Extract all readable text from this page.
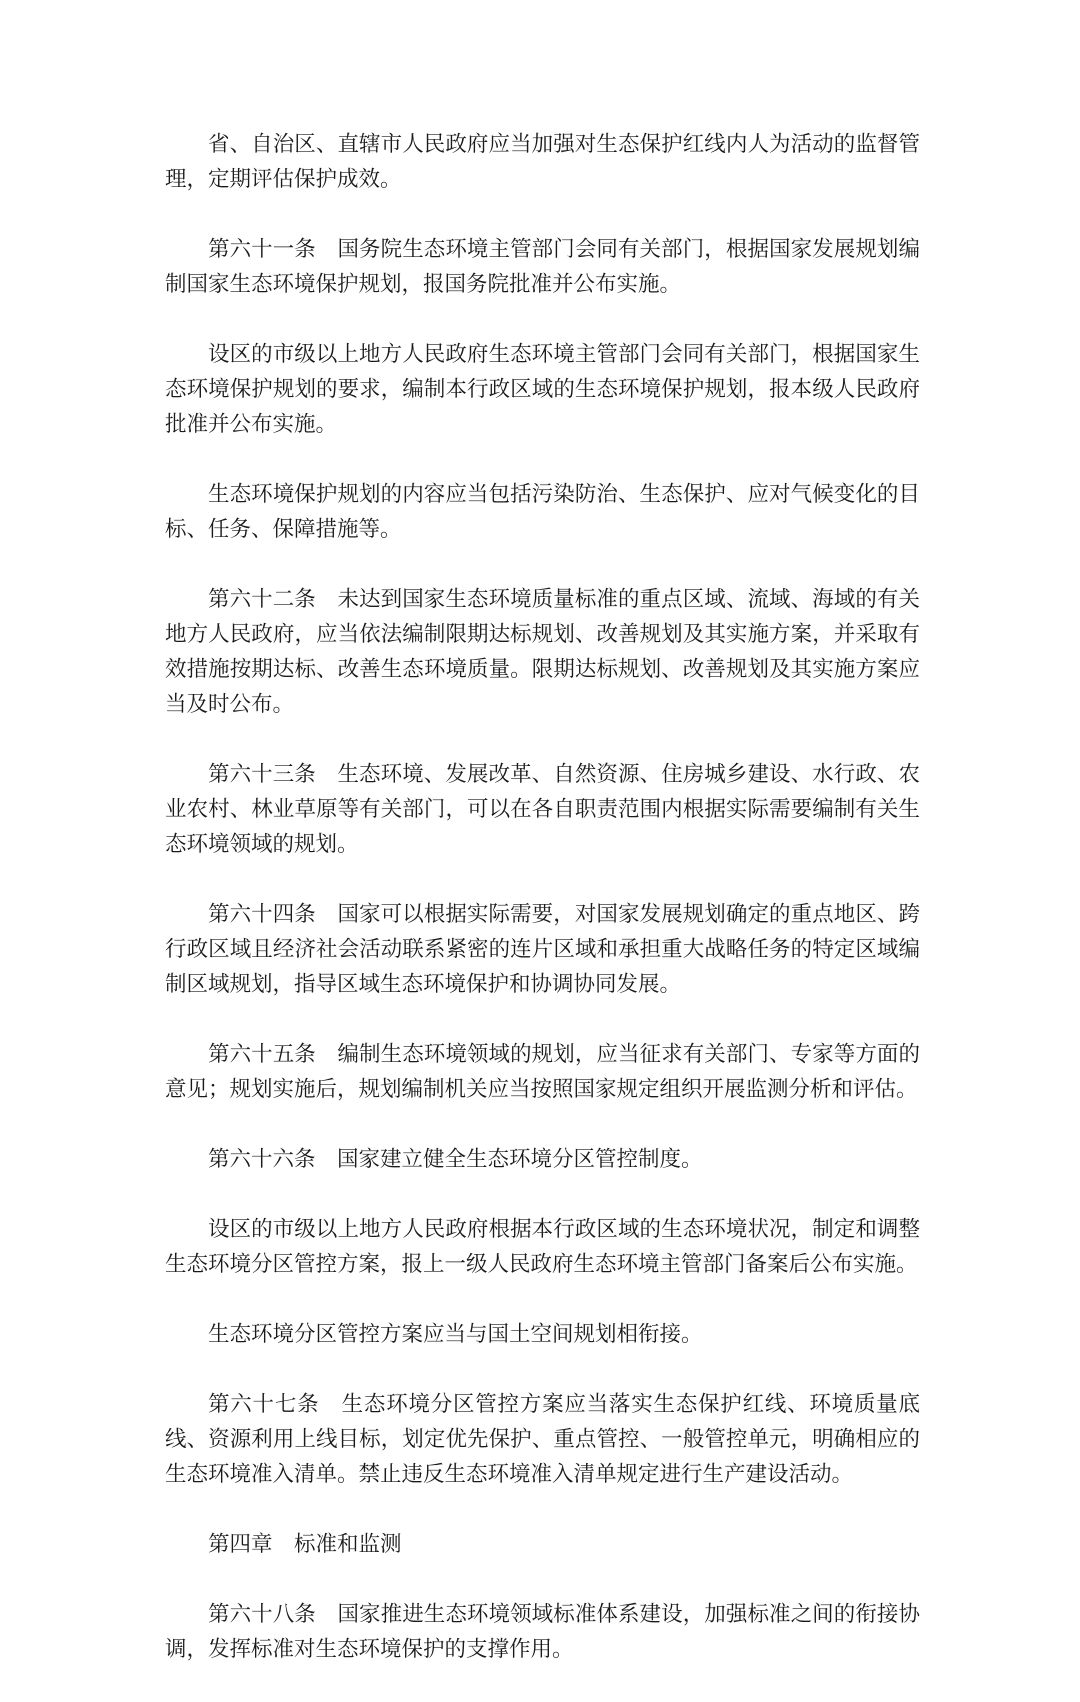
省、自治区、直辖市人民政府应当加强对生态保护红线内人为活动的监督管理，定期评估保护成效。

第六十一条　国务院生态环境主管部门会同有关部门，根据国家发展规划编制国家生态环境保护规划，报国务院批准并公布实施。

设区的市级以上地方人民政府生态环境主管部门会同有关部门，根据国家生态环境保护规划的要求，编制本行政区域的生态环境保护规划，报本级人民政府批准并公布实施。

生态环境保护规划的内容应当包括污染防治、生态保护、应对气候变化的目标、任务、保障措施等。

第六十二条　未达到国家生态环境质量标准的重点区域、流域、海域的有关地方人民政府，应当依法编制限期达标规划、改善规划及其实施方案，并采取有效措施按期达标、改善生态环境质量。限期达标规划、改善规划及其实施方案应当及时公布。

第六十三条　生态环境、发展改革、自然资源、住房城乡建设、水行政、农业农村、林业草原等有关部门，可以在各自职责范围内根据实际需要编制有关生态环境领域的规划。

第六十四条　国家可以根据实际需要，对国家发展规划确定的重点地区、跨行政区域且经济社会活动联系紧密的连片区域和承担重大战略任务的特定区域编制区域规划，指导区域生态环境保护和协调协同发展。

第六十五条　编制生态环境领域的规划，应当征求有关部门、专家等方面的意见；规划实施后，规划编制机关应当按照国家规定组织开展监测分析和评估。

第六十六条　国家建立健全生态环境分区管控制度。

设区的市级以上地方人民政府根据本行政区域的生态环境状况，制定和调整生态环境分区管控方案，报上一级人民政府生态环境主管部门备案后公布实施。

生态环境分区管控方案应当与国土空间规划相衔接。

第六十七条　生态环境分区管控方案应当落实生态保护红线、环境质量底线、资源利用上线目标，划定优先保护、重点管控、一般管控单元，明确相应的生态环境准入清单。禁止违反生态环境准入清单规定进行生产建设活动。

第四章　标准和监测

第六十八条　国家推进生态环境领域标准体系建设，加强标准之间的衔接协调，发挥标准对生态环境保护的支撑作用。
